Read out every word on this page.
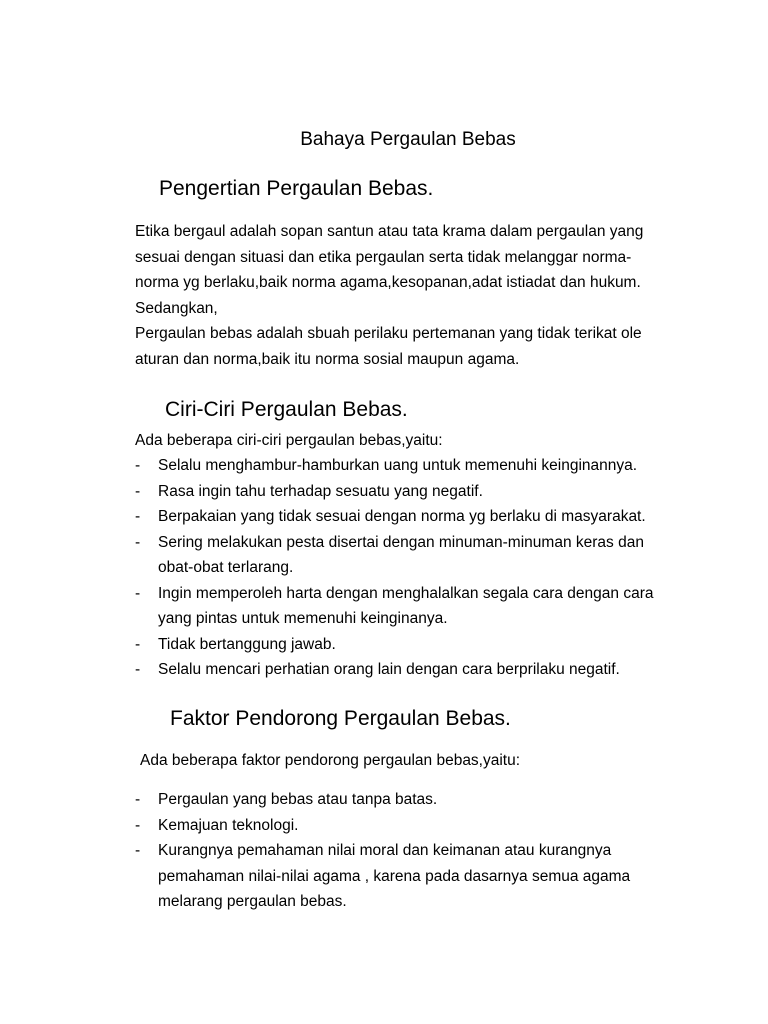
Bahaya Pergaulan Bebas
Pengertian Pergaulan Bebas.

Etika bergaul adalah sopan santun atau tata krama dalam pergaulan yang sesuai dengan situasi dan etika pergaulan serta tidak melanggar norma-norma yg berlaku,baik norma agama,kesopanan,adat istiadat dan hukum.

Sedangkan,

Pergaulan bebas adalah sbuah perilaku pertemanan yang tidak terikat ole aturan dan norma,baik itu norma sosial maupun agama.

Ciri-Ciri Pergaulan Bebas.

Ada beberapa ciri-ciri pergaulan bebas,yaitu:

- Selalu menghambur-hamburkan uang untuk memenuhi keinginannya.
- Rasa ingin tahu terhadap sesuatu yang negatif.
- Berpakaian yang tidak sesuai dengan norma yg berlaku di masyarakat.
- Sering melakukan pesta disertai dengan minuman-minuman keras dan obat-obat terlarang.
- Ingin memperoleh harta dengan menghalalkan segala cara dengan cara yang pintas untuk memenuhi keinginanya.
- Tidak bertanggung jawab.
- Selalu mencari perhatian orang lain dengan cara berprilaku negatif.
Faktor Pendorong Pergaulan Bebas.

Ada beberapa faktor pendorong pergaulan bebas,yaitu:

- Pergaulan yang bebas atau tanpa batas.
- Kemajuan teknologi.
- Kurangnya pemahaman nilai moral dan keimanan atau kurangnya pemahaman nilai-nilai agama , karena pada dasarnya semua agama melarang pergaulan bebas.
